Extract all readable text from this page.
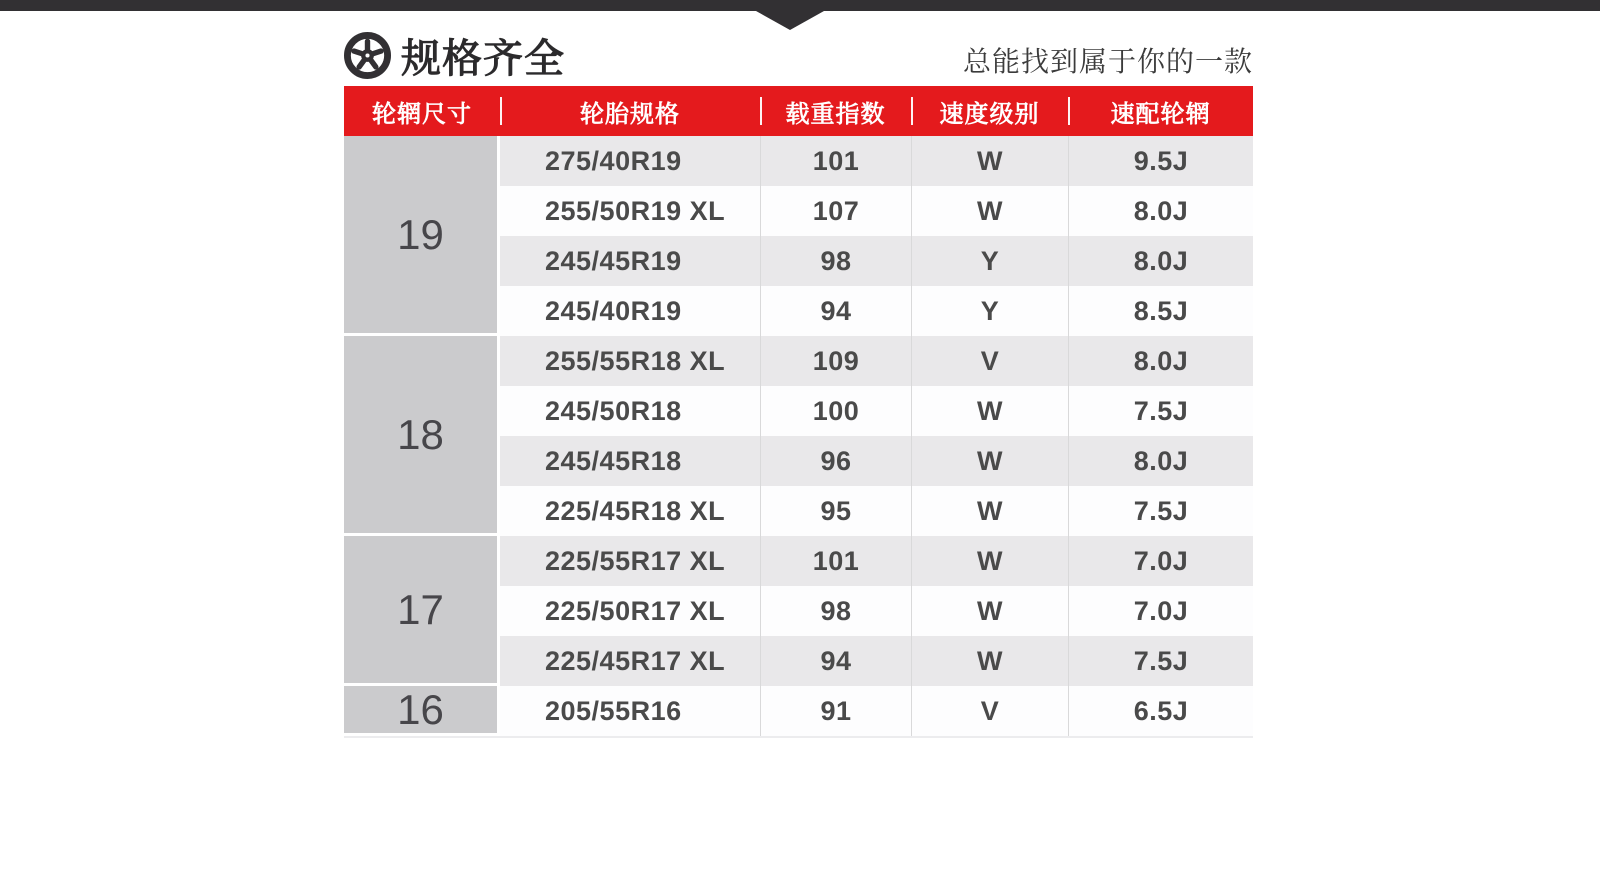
规格齐全	总能找到属于你的一款
轮辋尺寸	轮胎规格	载重指数	速度级别	速配轮辋
19
275/40R19	101	W	9.5J
255/50R19 XL	107	W	8.0J
245/45R19	98	Y	8.0J
245/40R19	94	Y	8.5J
18
255/55R18 XL	109	V	8.0J
245/50R18	100	W	7.5J
245/45R18	96	W	8.0J
225/45R18 XL	95	W	7.5J
17
225/55R17 XL	101	W	7.0J
225/50R17 XL	98	W	7.0J
225/45R17 XL	94	W	7.5J
16	205/55R16	91	V	6.5J
